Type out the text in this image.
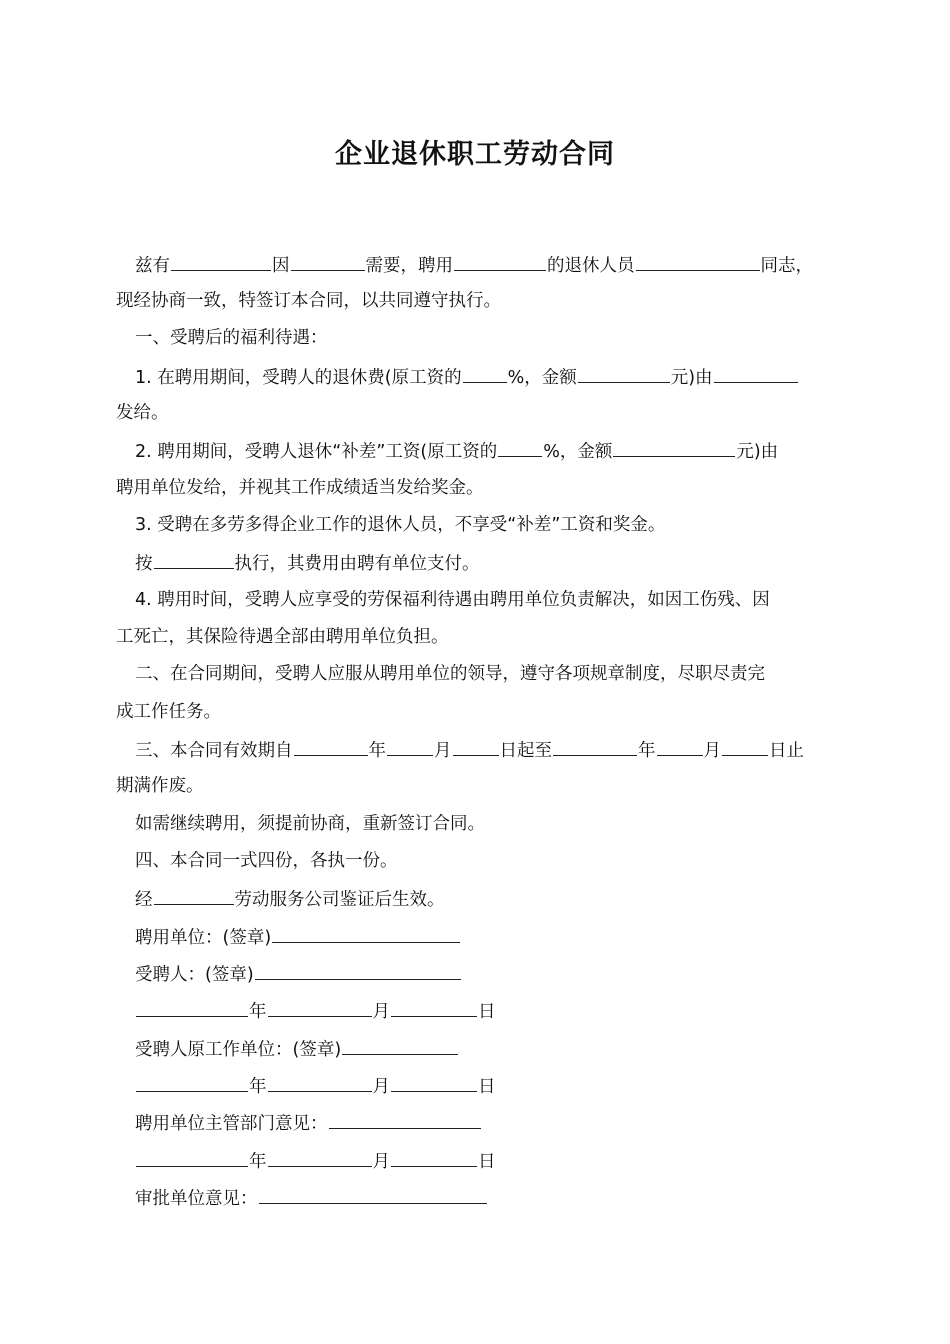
企业退休职工劳动合同
兹有	因	需要，聘用	的退休人员	同志，
现经协商一致，特签订本合同，以共同遵守执行。
一、受聘后的福利待遇：
1. 在聘用期间，受聘人的退休费(原工资的	%，金额	元)由
发给。
2. 聘用期间，受聘人退休“补差”工资(原工资的	%，金额	元)由
聘用单位发给，并视其工作成绩适当发给奖金。
3. 受聘在多劳多得企业工作的退休人员，不享受“补差”工资和奖金。
按	执行，其费用由聘有单位支付。
4. 聘用时间，受聘人应享受的劳保福利待遇由聘用单位负责解决，如因工伤残、因
工死亡，其保险待遇全部由聘用单位负担。
二、在合同期间，受聘人应服从聘用单位的领导，遵守各项规章制度，尽职尽责完
成工作任务。
三、本合同有效期自	年	月	日起至	年	月	日止
期满作废。
如需继续聘用，须提前协商，重新签订合同。
四、本合同一式四份，各执一份。
经	劳动服务公司鉴证后生效。
聘用单位：(签章)
受聘人：(签章)
年	月	日
受聘人原工作单位：(签章)
年	月	日
聘用单位主管部门意见：
年	月	日
审批单位意见：
